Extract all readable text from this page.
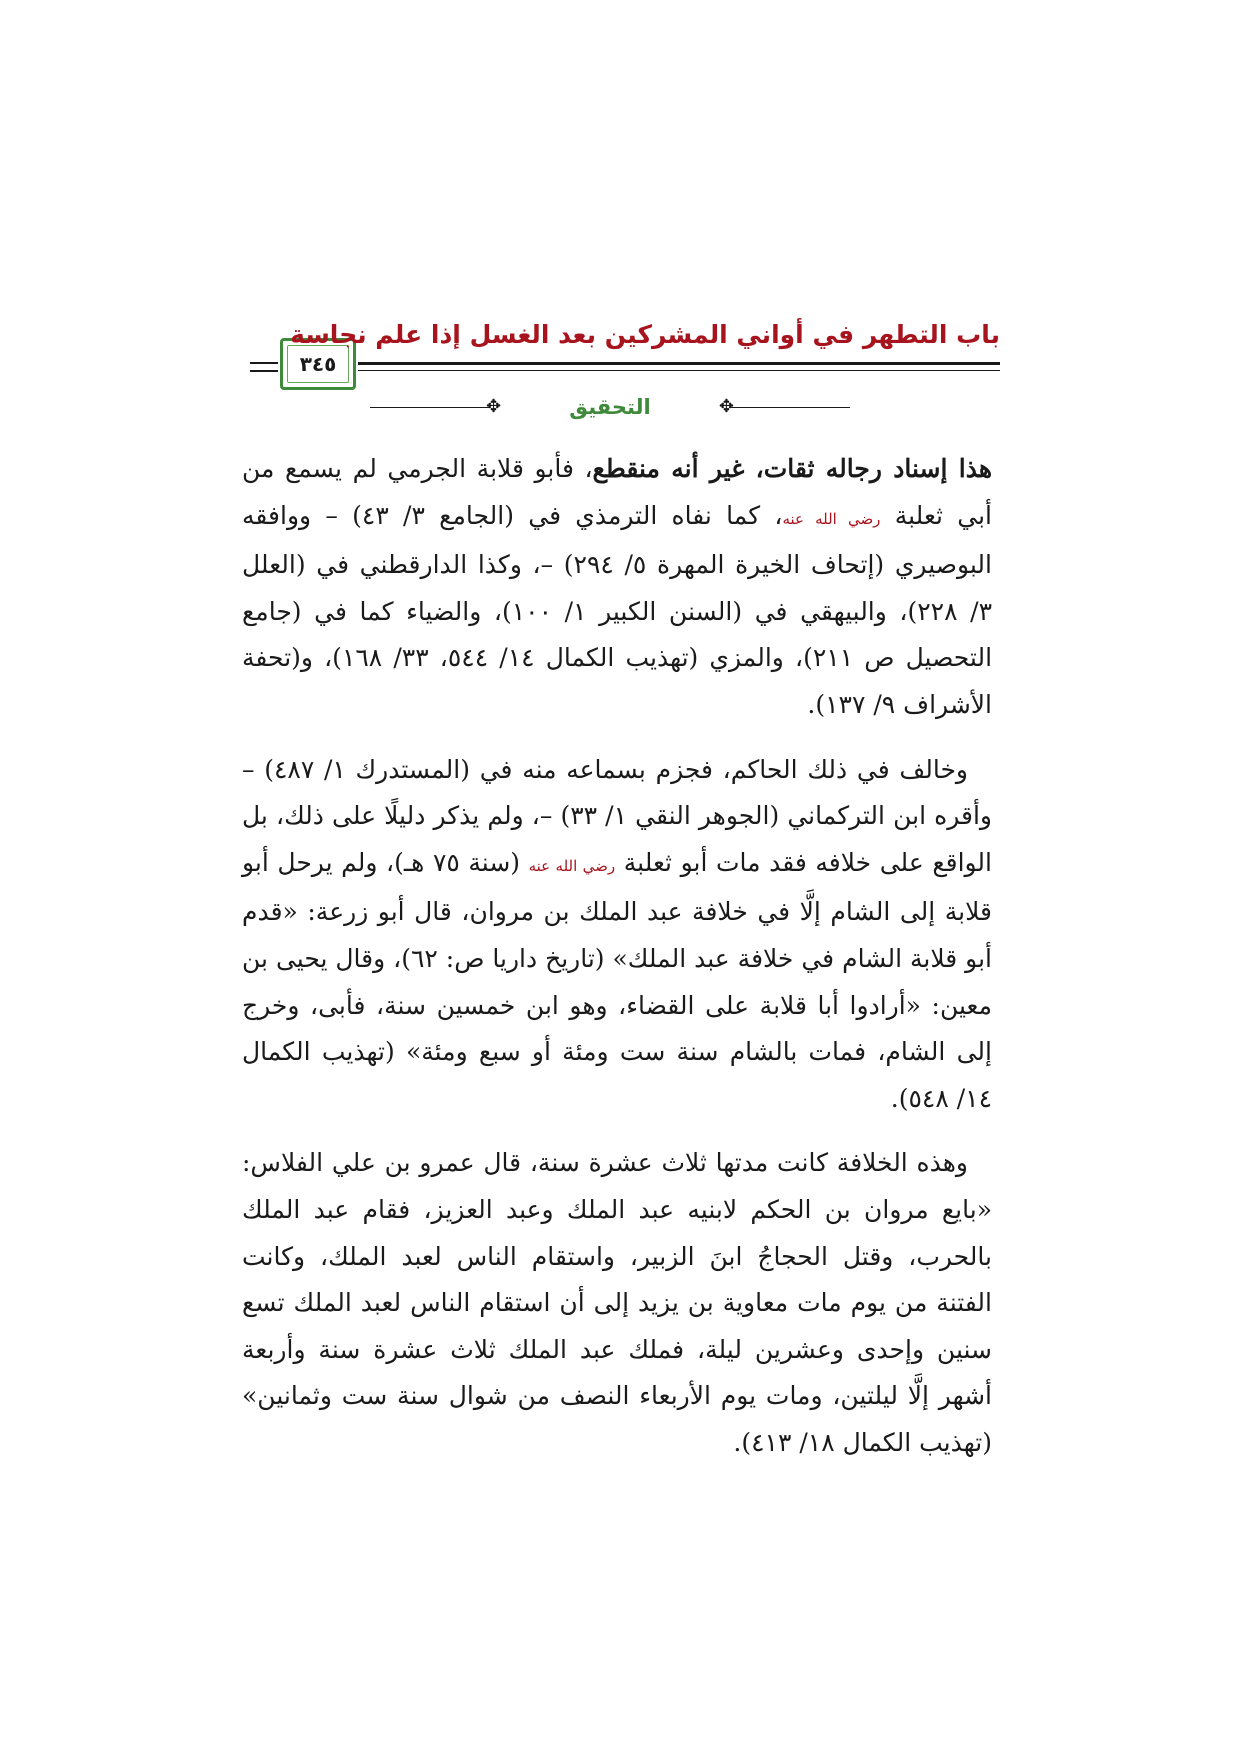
٣٤٥
باب التطهر في أواني المشركين بعد الغسل إذا علم نجاسة
✥	التحقيق	✥

هذا إسناد رجاله ثقات، غير أنه منقطع، فأبو قلابة الجرمي لم يسمع من أبي ثعلبة رضي الله عنه، كما نفاه الترمذي في (الجامع ٣/ ٤٣) – ووافقه البوصيري (إتحاف الخيرة المهرة ٥/ ٢٩٤) –، وكذا الدارقطني في (العلل ٣/ ٢٢٨)، والبيهقي في (السنن الكبير ١/ ١٠٠)، والضياء كما في (جامع التحصيل ص ٢١١)، والمزي (تهذيب الكمال ١٤/ ٥٤٤، ٣٣/ ١٦٨)، و(تحفة الأشراف ٩/ ١٣٧).

وخالف في ذلك الحاكم، فجزم بسماعه منه في (المستدرك ١/ ٤٨٧) – وأقره ابن التركماني (الجوهر النقي ١/ ٣٣) –، ولم يذكر دليلًا على ذلك، بل الواقع على خلافه فقد مات أبو ثعلبة رضي الله عنه (سنة ٧٥ هـ)، ولم يرحل أبو قلابة إلى الشام إلَّا في خلافة عبد الملك بن مروان، قال أبو زرعة: «قدم أبو قلابة الشام في خلافة عبد الملك» (تاريخ داريا ص: ٦٢)، وقال يحيى بن معين: «أرادوا أبا قلابة على القضاء، وهو ابن خمسين سنة، فأبى، وخرج إلى الشام، فمات بالشام سنة ست ومئة أو سبع ومئة» (تهذيب الكمال ١٤/ ٥٤٨).

وهذه الخلافة كانت مدتها ثلاث عشرة سنة، قال عمرو بن علي الفلاس: «بايع مروان بن الحكم لابنيه عبد الملك وعبد العزيز، فقام عبد الملك بالحرب، وقتل الحجاجُ ابنَ الزبير، واستقام الناس لعبد الملك، وكانت الفتنة من يوم مات معاوية بن يزيد إلى أن استقام الناس لعبد الملك تسع سنين وإحدى وعشرين ليلة، فملك عبد الملك ثلاث عشرة سنة وأربعة أشهر إلَّا ليلتين، ومات يوم الأربعاء النصف من شوال سنة ست وثمانين» (تهذيب الكمال ١٨/ ٤١٣).
